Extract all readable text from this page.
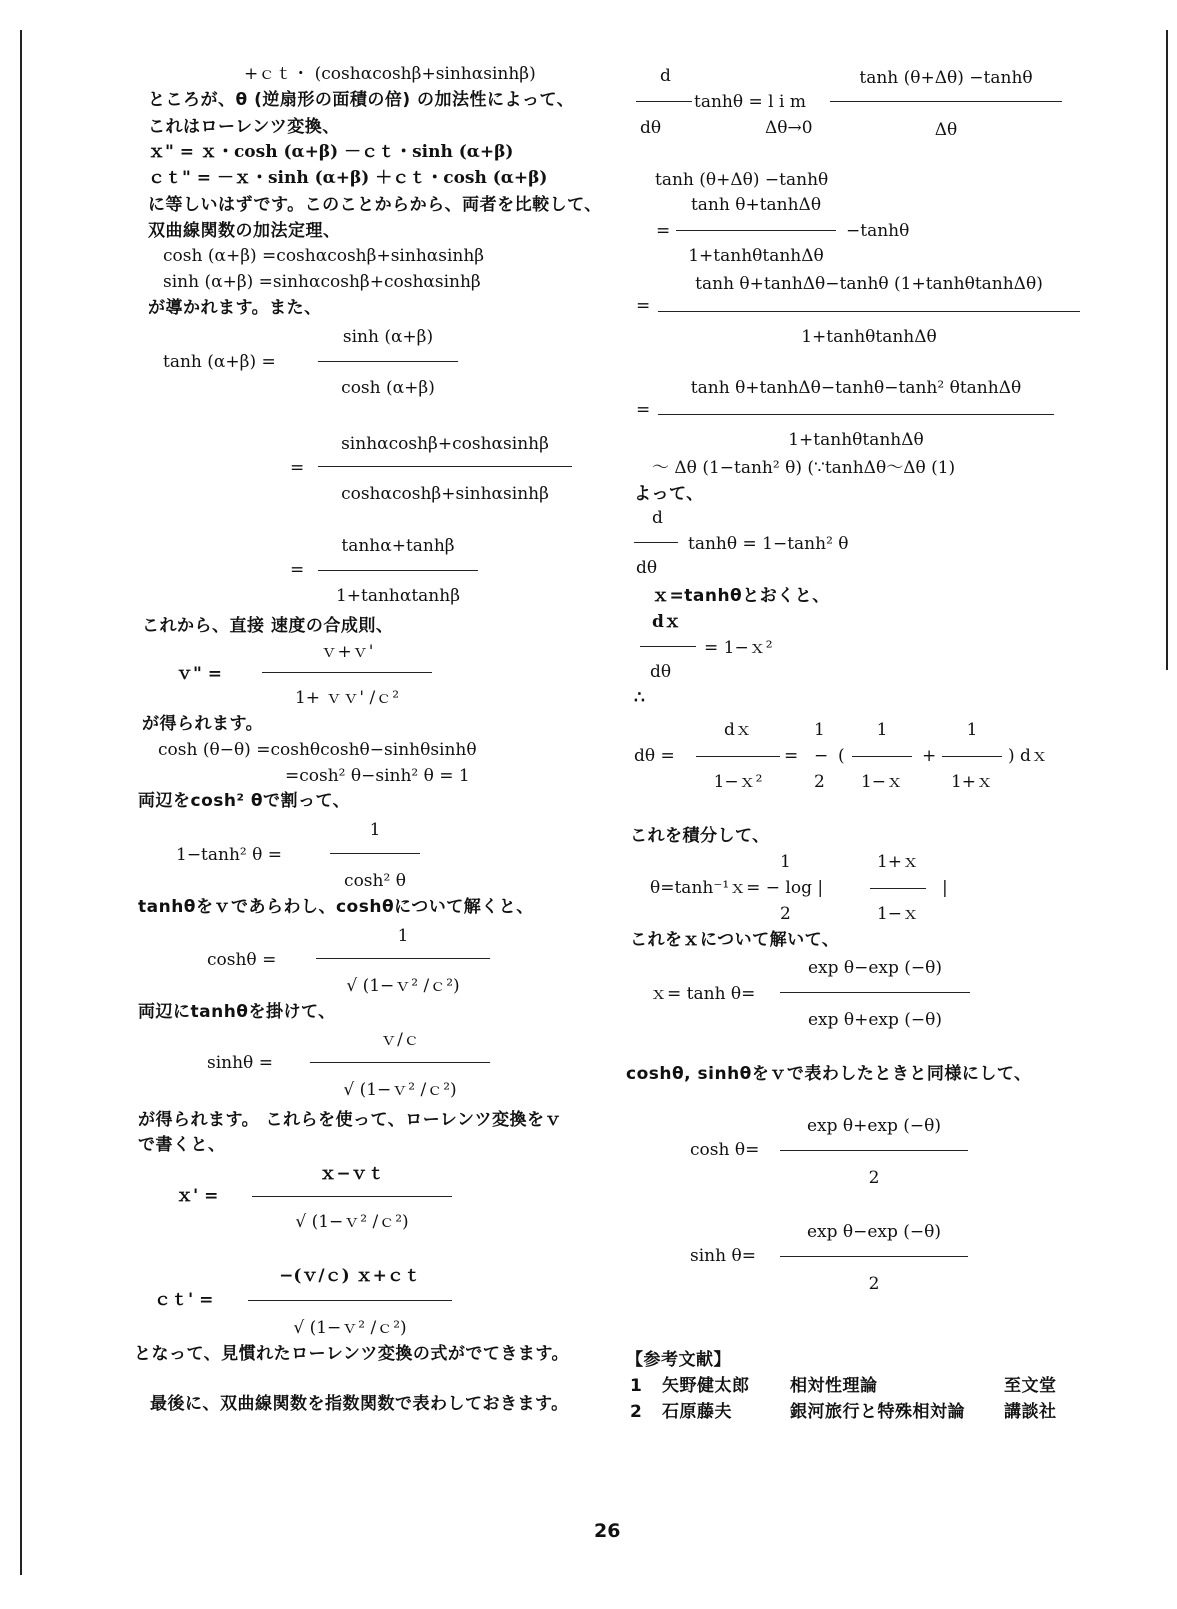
+ｃｔ・ (coshαcoshβ+sinhαsinhβ)
ところが、θ (逆扇形の面積の倍) の加法性によって、
これはローレンツ変換、
ｘ" = ｘ・cosh (α+β) －ｃｔ・sinh (α+β)
ｃｔ" = －ｘ・sinh (α+β) ＋ｃｔ・cosh (α+β)
に等しいはずです。このことからから、両者を比較して、
双曲線関数の加法定理、
cosh (α+β) =coshαcoshβ+sinhαsinhβ
sinh (α+β) =sinhαcoshβ+coshαsinhβ
が導かれます。また、
sinh (α+β)
tanh (α+β) =
cosh (α+β)
sinhαcoshβ+coshαsinhβ
=
coshαcoshβ+sinhαsinhβ
tanhα+tanhβ
=
1+tanhαtanhβ
これから、直接 速度の合成則、
ｖ+ｖ'
ｖ" =
1+ ｖｖ' /ｃ²
が得られます。
cosh (θ−θ) =coshθcoshθ−sinhθsinhθ
=cosh² θ−sinh² θ = 1
両辺をcosh² θで割って、
1
1−tanh² θ =
cosh² θ
tanhθをｖであらわし、coshθについて解くと、
1
coshθ =
√ (1−ｖ² /ｃ²)
両辺にtanhθを掛けて、
ｖ/ｃ
sinhθ =
√ (1−ｖ² /ｃ²)
が得られます。 これらを使って、ローレンツ変換をｖ
で書くと、
ｘ−ｖｔ
ｘ' =
√ (1−ｖ² /ｃ²)
−(ｖ/ｃ) ｘ+ｃｔ
ｃｔ' =
√ (1−ｖ² /ｃ²)
となって、見慣れたローレンツ変換の式がでてきます。
最後に、双曲線関数を指数関数で表わしておきます。
d	tanh (θ+Δθ) −tanhθ
tanhθ = l i m
dθ	Δθ→0	Δθ
tanh (θ+Δθ) −tanhθ
tanh θ+tanhΔθ
=	−tanhθ
1+tanhθtanhΔθ
tanh θ+tanhΔθ−tanhθ (1+tanhθtanhΔθ)
=
1+tanhθtanhΔθ
tanh θ+tanhΔθ−tanhθ−tanh² θtanhΔθ
=
1+tanhθtanhΔθ
～ Δθ (1−tanh² θ) (∵tanhΔθ～Δθ (1)
よって、
d
tanhθ = 1−tanh² θ
dθ
ｘ=tanhθとおくと、
dｘ
= 1−ｘ²
dθ
∴
dｘ	1	1	1
dθ =	= − (	+	) dｘ
1−ｘ²	2	1−ｘ	1+ｘ
これを積分して、
1	1+ｘ
θ=tanh⁻¹ｘ= − log |	|
2	1−ｘ
これをｘについて解いて、
exp θ−exp (−θ)
ｘ= tanh θ=
exp θ+exp (−θ)
coshθ, sinhθをｖで表わしたときと同様にして、
exp θ+exp (−θ)
cosh θ=
2
exp θ−exp (−θ)
sinh θ=
2
【参考文献】
1 矢野健太郎 相対性理論	至文堂
2 石原藤夫	銀河旅行と特殊相対論 講談社
26
